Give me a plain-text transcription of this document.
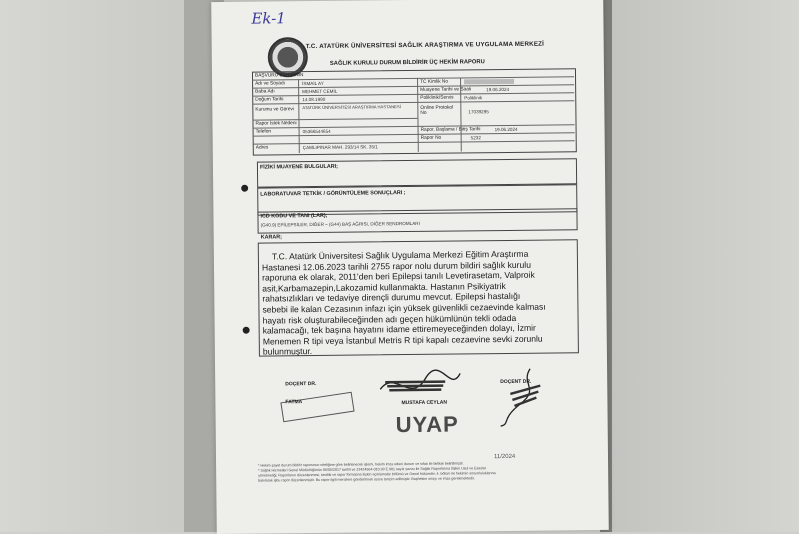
Ek-1
T.C. ATATÜRK ÜNİVERSİTESİ SAĞLIK ARAŞTIRMA VE UYGULAMA MERKEZİ
SAĞLIK KURULU DURUM BİLDİRİR ÜÇ HEKİM RAPORU
BAŞVURU SAHİBİNİN
Adı ve Soyadı	İSMAİL AY
Baba Adı	MEHMET CEMİL
Doğum Tarihi	14.08.1990
Kurumu ve Görevi ATATÜRK ÜNİVERSİTESİ ARAŞTIRMA HASTANESİ
Rapor İstek Nedeni
Telefon	05366544654
Adres	ÇAMLIPINAR MAH. 293/14 SK. 35/1
TC Kimlik No
Muayene Tarihi ve Saati	19.06.2024
Poliklinik/Servis Poliklinik
Online Protokol No	17039295
Rapor, Başlama / Bitiş Tarihi	19.06.2024
Rapor No	5232
FİZİKİ MUAYENE BULGULARI;
LABORATUVAR TETKİK / GÖRÜNTÜLEME SONUÇLARI ;
ICD KODU VE TANI (LAR);
(G40.9) EPİLEPSİLER, DİĞER – (G44) BAŞ AĞRISI, DİĞER SENDROMLARI
KARAR;
T.C. Atatürk Üniversitesi Sağlık Uygulama Merkezi Eğitim Araştırma
Hastanesi 12.06.2023 tarihli 2755 rapor nolu durum bildiri sağlık kurulu
raporuna ek olarak, 2011'den beri Epilepsi tanılı Levetirasetam, Valproik
asit,Karbamazepin,Lakozamid kullanmakta. Hastanın Psikiyatrik
rahatsızlıkları ve tedaviye dirençli durumu mevcut. Epilepsi hastalığı
sebebi ile kalan Cezasının infazı için yüksek güvenlikli cezaevinde kalması
hayatı risk oluşturabileceğinden adı geçen hükümlünün tekli odada
kalamacağı, tek başına hayatını idame ettiremeyeceğinden dolayı, İzmir
Menemen R tipi veya İstanbul Metris R tipi kapalı cezaevine sevki zorunlu
bulunmuştur.
DOÇENT DR.
FATMA	MUSTAFA CEYLAN
DOÇENT DR.
UYAP
11/2024
* Hekim şayet durum bildirir raporunun niteliğine göre belirlenecek işlemi, hekim imza edeni durum ve sıfatı ile birlikte belirtilmiştir.
* Sağlık Hizmetleri Genel Müdürlüğünün 06/05/2017 tarihli ve 23424564-010.99 E.901 sayılı yazısı ile Sağlık Raporlarına İlişkin Usul ve Esaslar
yönetmeliği. Raporlanın düzenlenmesi, tasdiki ve rapor formatına ilişkin açıklamalar bölümü ve Genel hükümler, 4. bölüm ile hekimin sorumluluklarına
bakılarak işbu rapor düzenlenmiştir. Bu rapor ilgili mercilere gönderilmek üzere tanzim edilmiştir. Başhekim onayı ve imza gerekmektedir.
